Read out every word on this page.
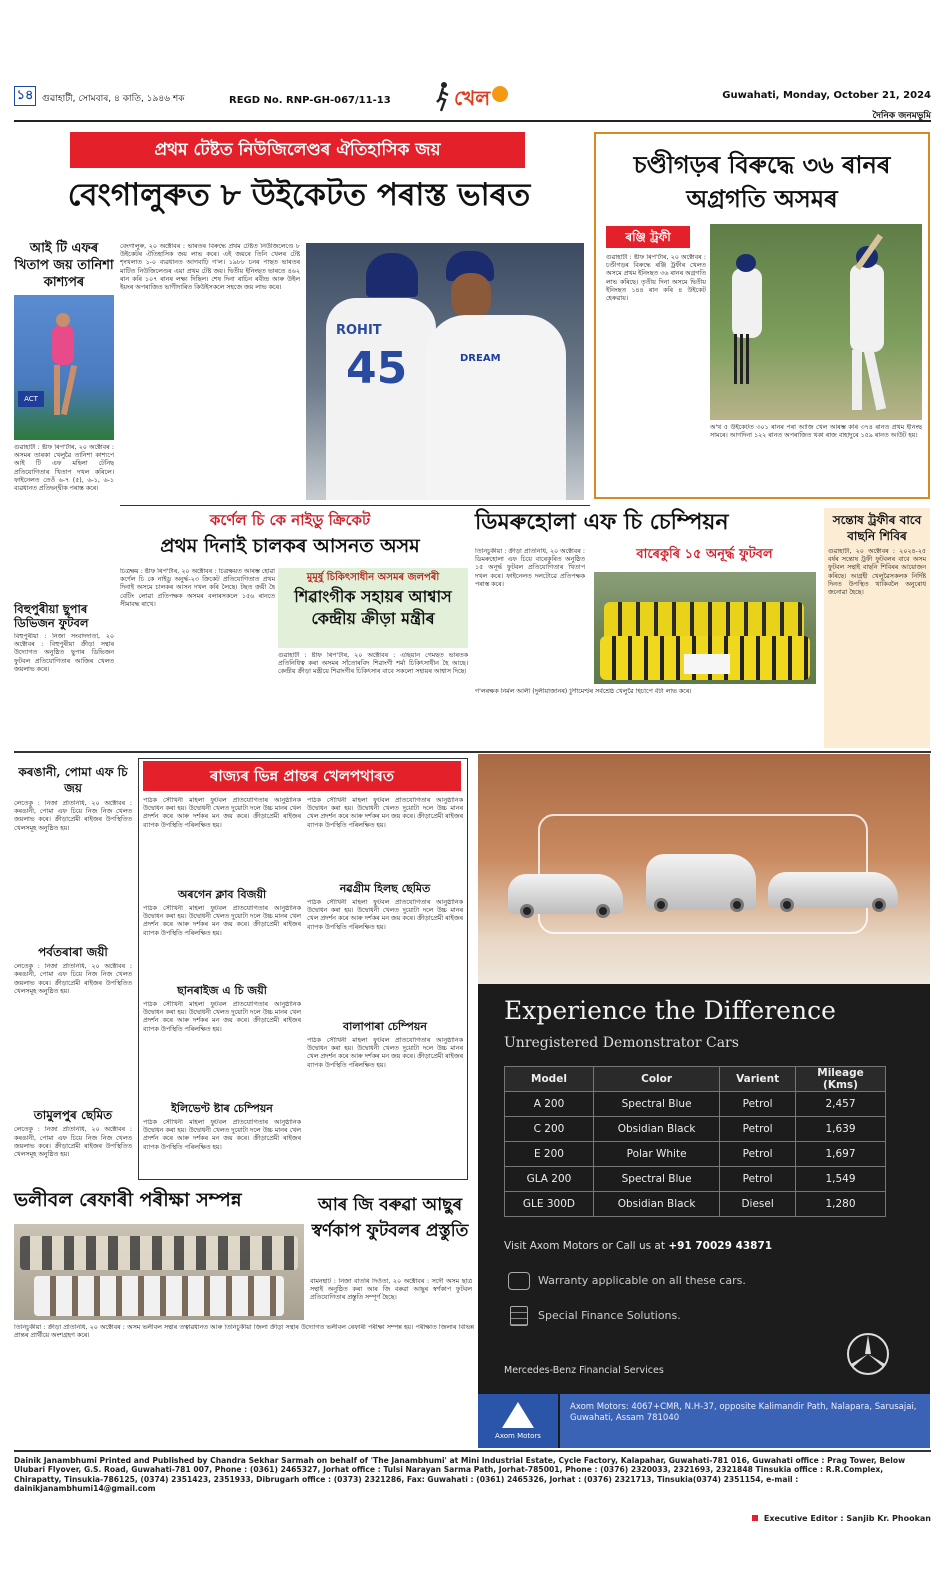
১৪ গুৱাহাটী, সোমবাৰ, ৪ কাতি, ১৯৪৬ শক	REGD No. RNP-GH-067/11-13	খেল	Guwahati, Monday, October 21, 2024
দৈনিক জনমভূমি
প্ৰথম টেষ্টত নিউজিলেণ্ডৰ ঐতিহাসিক জয়
বেংগালুৰুত ৮ উইকেটত পৰাস্ত ভাৰত
আই টি এফৰ খিতাপ জয় তানিশা কাশ্যপৰ
ACT
গুৱাহাটী : ষ্টাফ ৰিপ'ৰ্টাৰ, ২০ অক্টোবৰ : অসমৰ তাৰকা খেলুৱৈ তানিশা কাশ্যপে আই টি এফ মহিলা টেনিছ প্ৰতিযোগিতাৰ খিতাপ দখল কৰিলে। ফাইনেলত তেওঁ ৬-৭ (৫), ৬-১, ৬-১ ব্যৱধানত প্ৰতিদ্বন্দ্বীক পৰাস্ত কৰে।
বিহুপুৰীয়া ছুপাৰ ডিভিজন ফুটবল
বিহুপুৰীয়া : নিজা সংবাদদাতা, ২০ অক্টোবৰ : বিহুপুৰীয়া ক্ৰীড়া সন্থাৰ উদ্যোগত অনুষ্ঠিত ছুপাৰ ডিভিজন ফুটবল প্ৰতিযোগিতাৰ আজিৰ খেলত জয়লাভ কৰে।
বেংগালুৰু, ২০ অক্টোবৰ : ভাৰতৰ বিৰুদ্ধে প্ৰথম টেষ্টত নিউজিলেণ্ডে ৮ উইকেটৰ ঐতিহাসিক জয় লাভ কৰে। এই জয়ৰে তিনি খেলৰ টেষ্ট শৃংখলাত ১-০ ব্যৱধানত আগবাঢ়ি গ'ল। ১৯৮৮ চনৰ পাছত ভাৰতৰ মাটিত নিউজিলেণ্ডৰ এয়া প্ৰথম টেষ্ট জয়। দ্বিতীয় ইনিংছত ভাৰতে ৪৬২ ৰান কৰি ১০৭ ৰানৰ লক্ষ্য দিছিল। শেষ দিনা ৰাচিন ৰবীন্দ্ৰ আৰু উইল ইয়ংৰ অপৰাজিত ভাগীদাৰিত কিউইসকলে সহজে জয় লাভ কৰে।
ROHIT
45	DREAM
চণ্ডীগড়ৰ বিৰুদ্ধে ৩৬ ৰানৰ অগ্ৰগতি অসমৰ
ৰঞ্জি ট্ৰফী
গুৱাহাটী : ষ্টাফ ৰিপ'ৰ্টাৰ, ২০ অক্টোবৰ : চণ্ডীগড়ৰ বিৰুদ্ধে ৰঞ্জি ট্ৰফীৰ খেলত অসমে প্ৰথম ইনিংছত ৩৬ ৰানৰ অগ্ৰগতি লাভ কৰিছে। তৃতীয় দিনা অসমে দ্বিতীয় ইনিংছত ১৪৪ ৰান কৰি ৪ উইকেট হেৰুৱায়।
অ'থ ৫ উইকেটত ৩০১ ৰানৰ পৰা আজি খেল আৰম্ভ কৰি ৩৭৪ ৰানত প্ৰথম ইনিংছ সামৰে। আগদিনা ১২২ ৰানত অপৰাজিত থকা ৰাজ বাহাদুৰে ১৫৯ ৰানত আউট হয়।
কৰ্ণেল চি কে নাইডু ক্ৰিকেট
প্ৰথম দিনাই চালকৰ আসনত অসম
চিত্ৰক্ষয় : ষ্টাফ ৰিপ'ৰ্টাৰ, ২০ অক্টোবৰ : চিত্ৰক্ষয়ত আৰম্ভ হোৱা কৰ্ণেল চি কে নাইডু অনুৰ্দ্ধ-২৩ ক্ৰিকেট প্ৰতিযোগিতাত প্ৰথম দিনাই অসমে চালকৰ আসন দখল কৰি লৈছে। টছত জয়ী হৈ বেটিং লোৱা প্ৰতিপক্ষক অসমৰ বলাৰসকলে ১৫৬ ৰানতে সীমাবদ্ধ ৰাখে।
মুমূৰ্ষু চিকিৎসাধীন অসমৰ জলপৰী
শিৱাংগীক সহায়ৰ আশ্বাস কেন্দ্ৰীয় ক্ৰীড়া মন্ত্ৰীৰ
গুৱাহাটী : ষ্টাফ ৰিপ'ৰ্টাৰ, ২০ অক্টোবৰ : এছিয়ান গেমছত ভাৰতক প্ৰতিনিধিত্ব কৰা অসমৰ সাঁতোৰবিদ শিৱাংগী শৰ্মা চিকিৎসাধীন হৈ আছে। কেন্দ্ৰীয় ক্ৰীড়া মন্ত্ৰীয়ে শিৱাংগীৰ চিকিৎসাৰ বাবে সকলো সহায়ৰ আশ্বাস দিছে।
ডিমৰুহোলা এফ চি চেম্পিয়ন
তিনিচুকীয়া : ক্ৰীড়া প্ৰতিনিধি, ২০ অক্টোবৰ : ডিমৰুহোলা এফ চিয়ে বাৰেকুৰিত অনুষ্ঠিত ১৫ অনূৰ্দ্ধ ফুটবল প্ৰতিযোগিতাৰ খিতাপ দখল কৰে। ফাইনেলত দলটোৱে প্ৰতিপক্ষক পৰাস্ত কৰে।
বাৰেকুৰি ১৫ অনূৰ্দ্ধ ফুটবল
গ'লৰক্ষক নিৰ্মল আলী (দুলীয়াজানৰ) টুৰ্ণামেণ্টৰ সৰ্বশ্ৰেষ্ঠ খেলুৱৈ হিচাপে বঁটা লাভ কৰে।
সন্তোষ ট্ৰফীৰ বাবে বাছনি শিবিৰ
গুৱাহাটী, ২০ অক্টোবৰ : ২০২৪-২৫ বৰ্ষৰ সন্তোষ ট্ৰফী ফুটবলৰ বাবে অসম ফুটবল সন্থাই বাছনি শিবিৰৰ আয়োজন কৰিছে। আগ্ৰহী খেলুৱৈসকলক নিৰ্দিষ্ট দিনত উপস্থিত থাকিবলৈ অনুৰোধ জনোৱা হৈছে।
কৰঙানী, পোমা এফ চি জয়
লেতেকু : নিজা প্ৰতিনিধি, ২০ অক্টোবৰ : কৰঙানী, পোমা এফ চিয়ে নিজ নিজ খেলত জয়লাভ কৰে। ক্ৰীড়াপ্ৰেমী ৰাইজৰ উপস্থিতিত খেলসমূহ অনুষ্ঠিত হয়।
পৰ্বতৰাৰা জয়ী
লেতেকু : নিজা প্ৰতিনিধি, ২০ অক্টোবৰ : কৰঙানী, পোমা এফ চিয়ে নিজ নিজ খেলত জয়লাভ কৰে। ক্ৰীড়াপ্ৰেমী ৰাইজৰ উপস্থিতিত খেলসমূহ অনুষ্ঠিত হয়।
তামুলপুৰ ছেমিত
লেতেকু : নিজা প্ৰতিনিধি, ২০ অক্টোবৰ : কৰঙানী, পোমা এফ চিয়ে নিজ নিজ খেলত জয়লাভ কৰে। ক্ৰীড়াপ্ৰেমী ৰাইজৰ উপস্থিতিত খেলসমূহ অনুষ্ঠিত হয়।
ৰাজ্যৰ ভিন্ন প্ৰান্তৰ খেলপথাৰত
পাঠক সৌখিনী মহিলা ফুটবল প্ৰতিযোগিতাৰ আনুষ্ঠানিক উদ্বোধন কৰা হয়। উদ্বোধনী খেলত দুয়োটা দলে উচ্চ মানৰ খেল প্ৰদৰ্শন কৰে আৰু দৰ্শকৰ মন জয় কৰে। ক্ৰীড়াপ্ৰেমী ৰাইজৰ ব্যাপক উপস্থিতি পৰিলক্ষিত হয়।
অৰগেন ক্লাব বিজয়ী
পাঠক সৌখিনী মহিলা ফুটবল প্ৰতিযোগিতাৰ আনুষ্ঠানিক উদ্বোধন কৰা হয়। উদ্বোধনী খেলত দুয়োটা দলে উচ্চ মানৰ খেল প্ৰদৰ্শন কৰে আৰু দৰ্শকৰ মন জয় কৰে। ক্ৰীড়াপ্ৰেমী ৰাইজৰ ব্যাপক উপস্থিতি পৰিলক্ষিত হয়।
ছানৰাইজ এ চি জয়ী
পাঠক সৌখিনী মহিলা ফুটবল প্ৰতিযোগিতাৰ আনুষ্ঠানিক উদ্বোধন কৰা হয়। উদ্বোধনী খেলত দুয়োটা দলে উচ্চ মানৰ খেল প্ৰদৰ্শন কৰে আৰু দৰ্শকৰ মন জয় কৰে। ক্ৰীড়াপ্ৰেমী ৰাইজৰ ব্যাপক উপস্থিতি পৰিলক্ষিত হয়।
ইলিভেণ্ট ষ্টাৰ চেম্পিয়ন
পাঠক সৌখিনী মহিলা ফুটবল প্ৰতিযোগিতাৰ আনুষ্ঠানিক উদ্বোধন কৰা হয়। উদ্বোধনী খেলত দুয়োটা দলে উচ্চ মানৰ খেল প্ৰদৰ্শন কৰে আৰু দৰ্শকৰ মন জয় কৰে। ক্ৰীড়াপ্ৰেমী ৰাইজৰ ব্যাপক উপস্থিতি পৰিলক্ষিত হয়।
পাঠক সৌখিনী মহিলা ফুটবল প্ৰতিযোগিতাৰ আনুষ্ঠানিক উদ্বোধন কৰা হয়। উদ্বোধনী খেলত দুয়োটা দলে উচ্চ মানৰ খেল প্ৰদৰ্শন কৰে আৰু দৰ্শকৰ মন জয় কৰে। ক্ৰীড়াপ্ৰেমী ৰাইজৰ ব্যাপক উপস্থিতি পৰিলক্ষিত হয়।
নৱগ্ৰীম হিলছ ছেমিত
পাঠক সৌখিনী মহিলা ফুটবল প্ৰতিযোগিতাৰ আনুষ্ঠানিক উদ্বোধন কৰা হয়। উদ্বোধনী খেলত দুয়োটা দলে উচ্চ মানৰ খেল প্ৰদৰ্শন কৰে আৰু দৰ্শকৰ মন জয় কৰে। ক্ৰীড়াপ্ৰেমী ৰাইজৰ ব্যাপক উপস্থিতি পৰিলক্ষিত হয়।
বালাপাৰা চেম্পিয়ন
পাঠক সৌখিনী মহিলা ফুটবল প্ৰতিযোগিতাৰ আনুষ্ঠানিক উদ্বোধন কৰা হয়। উদ্বোধনী খেলত দুয়োটা দলে উচ্চ মানৰ খেল প্ৰদৰ্শন কৰে আৰু দৰ্শকৰ মন জয় কৰে। ক্ৰীড়াপ্ৰেমী ৰাইজৰ ব্যাপক উপস্থিতি পৰিলক্ষিত হয়।
ভলীবল ৰেফাৰী পৰীক্ষা সম্পন্ন
তিনিচুকীয়া : ক্ৰীড়া প্ৰতিনিধি, ২০ অক্টোবৰ : অসম ভলীবল সন্থাৰ তত্বাৱধানত আৰু তিনিচুকীয়া জিলা ক্ৰীড়া সন্থাৰ উদ্যোগত ভলীবল ৰেফাৰী পৰীক্ষা সম্পন্ন হয়। পৰীক্ষাত জিলাৰ বিভিন্ন প্ৰান্তৰ প্ৰাৰ্থীয়ে অংশগ্ৰহণ কৰে।
আৰ জি বৰুৱা আছুৰ স্বৰ্ণকাপ ফুটবলৰ প্ৰস্তুতি
বামনহাট : নিজা বাতৰি দিওঁতা, ২০ অক্টোবৰ : সদৌ অসম ছাত্ৰ সন্থাই অনুষ্ঠিত কৰা আৰ জি বৰুৱা আছুৰ স্বৰ্ণকাপ ফুটবল প্ৰতিযোগিতাৰ প্ৰস্তুতি সম্পূৰ্ণ হৈছে।
Experience the Difference
Unregistered Demonstrator Cars
Model	Color	Varient	Mileage (Kms)
A 200	Spectral Blue	Petrol	2,457
C 200	Obsidian Black	Petrol	1,639
E 200	Polar White	Petrol	1,697
GLA 200	Spectral Blue	Petrol	1,549
GLE 300D	Obsidian Black	Diesel	1,280
Visit Axom Motors or Call us at +91 70029 43871
Warranty applicable on all these cars.
Special Finance Solutions.
Mercedes-Benz Financial Services
Axom Motors
Axom Motors: 4067+CMR, N.H-37, opposite Kalimandir Path, Nalapara, Sarusajai, Guwahati, Assam 781040
Dainik Janambhumi Printed and Published by Chandra Sekhar Sarmah on behalf of 'The Janambhumi' at Mini Industrial Estate, Cycle Factory, Kalapahar, Guwahati-781 016, Guwahati office : Prag Tower, Below Ulubari Flyover, G.S. Road, Guwahati-781 007, Phone : (0361) 2465327, Jorhat office : Tulsi Narayan Sarma Path, Jorhat-785001, Phone : (0376) 2320033, 2321693, 2321848 Tinsukia office : R.R.Complex, Chirapatty, Tinsukia-786125, (0374) 2351423, 2351933, Dibrugarh office : (0373) 2321286, Fax: Guwahati : (0361) 2465326, Jorhat : (0376) 2321713, Tinsukia(0374) 2351154, e-mail : dainikjanambhumi14@gmail.com
Executive Editor : Sanjib Kr. Phookan
